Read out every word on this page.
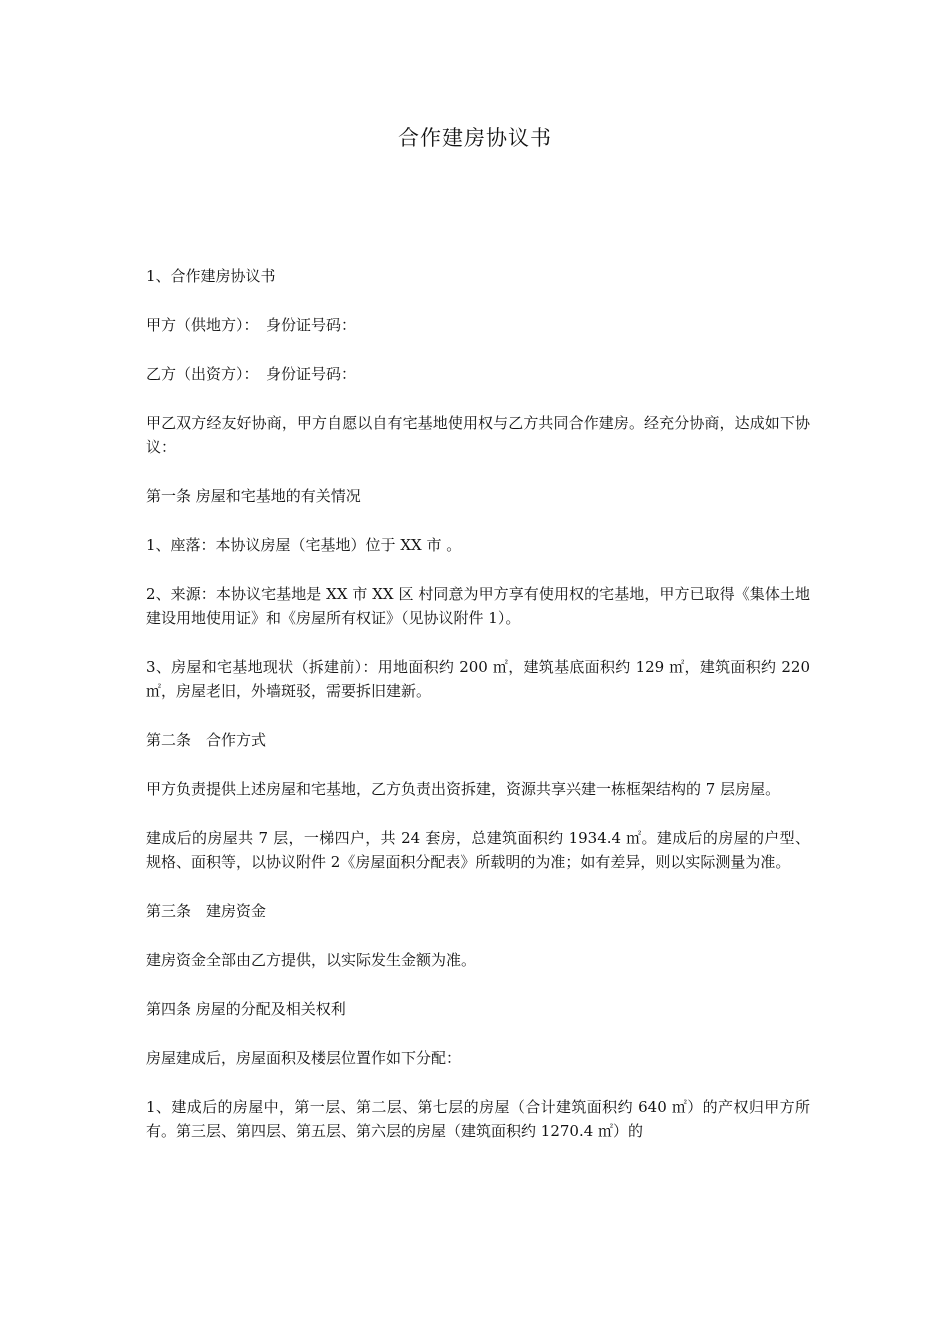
合作建房协议书

1、合作建房协议书

甲方（供地方）：　身份证号码：

乙方（出资方）：　身份证号码：

甲乙双方经友好协商，甲方自愿以自有宅基地使用权与乙方共同合作建房。经充分协商，达成如下协议：

第一条 房屋和宅基地的有关情况

1、座落：本协议房屋（宅基地）位于 XX 市 。

2、来源：本协议宅基地是 XX 市 XX 区 村同意为甲方享有使用权的宅基地，甲方已取得《集体土地建设用地使用证》和《房屋所有权证》（见协议附件 1）。

3、房屋和宅基地现状（拆建前）：用地面积约 200 ㎡，建筑基底面积约 129 ㎡，建筑面积约 220 ㎡，房屋老旧，外墙斑驳，需要拆旧建新。

第二条　合作方式

甲方负责提供上述房屋和宅基地，乙方负责出资拆建，资源共享兴建一栋框架结构的 7 层房屋。

建成后的房屋共 7 层，一梯四户，共 24 套房，总建筑面积约 1934.4 ㎡。建成后的房屋的户型、规格、面积等，以协议附件 2《房屋面积分配表》所载明的为准；如有差异，则以实际测量为准。

第三条　建房资金

建房资金全部由乙方提供，以实际发生金额为准。

第四条 房屋的分配及相关权利

房屋建成后，房屋面积及楼层位置作如下分配：

1、建成后的房屋中，第一层、第二层、第七层的房屋（合计建筑面积约 640 ㎡）的产权归甲方所有。第三层、第四层、第五层、第六层的房屋（建筑面积约 1270.4 ㎡）的
